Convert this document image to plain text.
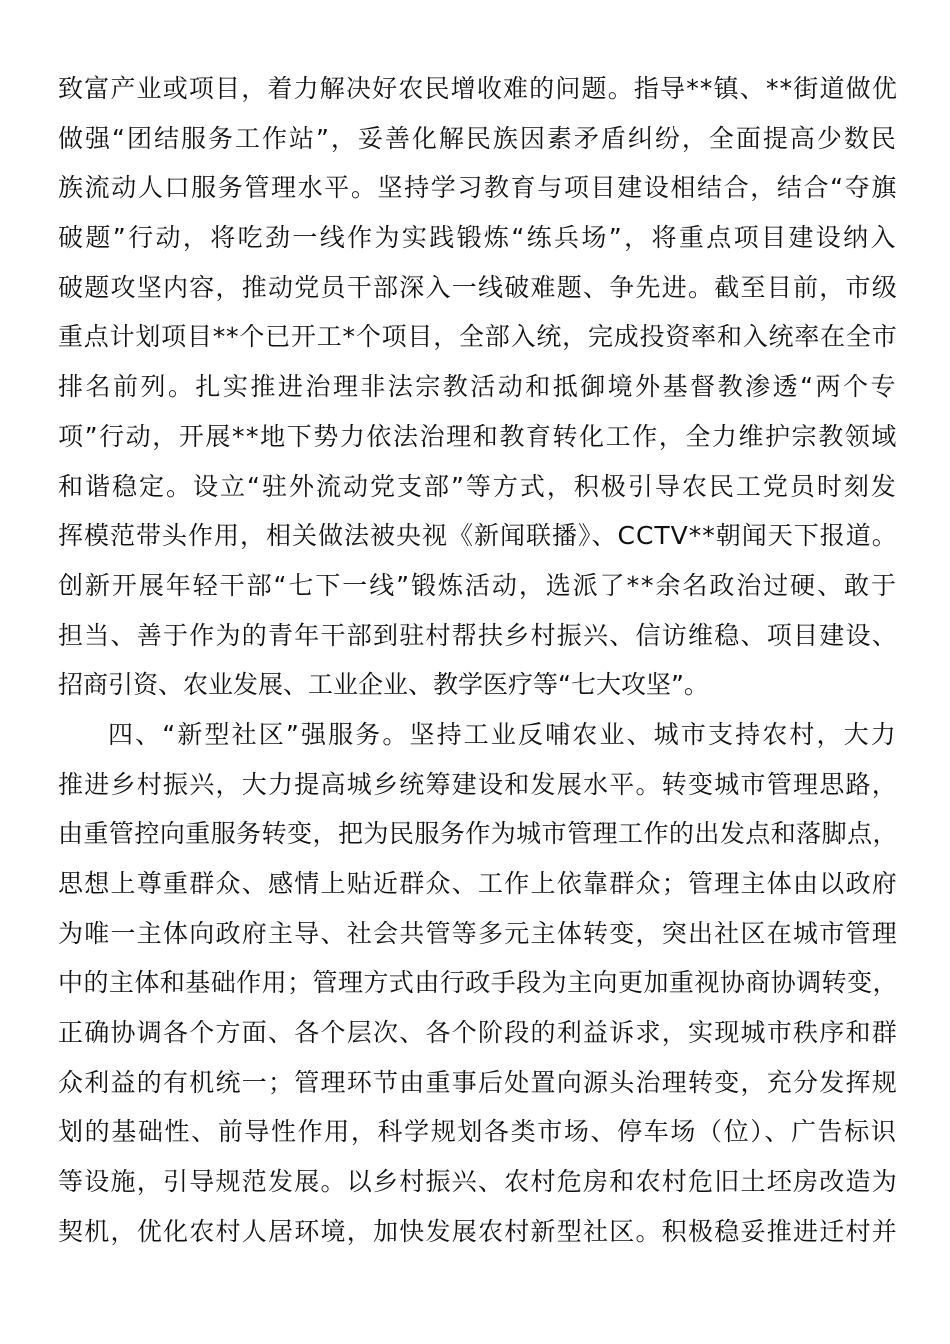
致富产业或项目，着力解决好农民增收难的问题。指导**镇、**街道做优
做强“团结服务工作站”，妥善化解民族因素矛盾纠纷，全面提高少数民
族流动人口服务管理水平。坚持学习教育与项目建设相结合，结合“夺旗
破题”行动，将吃劲一线作为实践锻炼“练兵场”，将重点项目建设纳入
破题攻坚内容，推动党员干部深入一线破难题、争先进。截至目前，市级
重点计划项目**个已开工*个项目，全部入统，完成投资率和入统率在全市
排名前列。扎实推进治理非法宗教活动和抵御境外基督教渗透“两个专
项”行动，开展**地下势力依法治理和教育转化工作，全力维护宗教领域
和谐稳定。设立“驻外流动党支部”等方式，积极引导农民工党员时刻发
挥模范带头作用，相关做法被央视《新闻联播》、CCTV**朝闻天下报道。
创新开展年轻干部“七下一线”锻炼活动，选派了**余名政治过硬、敢于
担当、善于作为的青年干部到驻村帮扶乡村振兴、信访维稳、项目建设、
招商引资、农业发展、工业企业、教学医疗等“七大攻坚”。
四、“新型社区”强服务。坚持工业反哺农业、城市支持农村，大力
推进乡村振兴，大力提高城乡统筹建设和发展水平。转变城市管理思路，
由重管控向重服务转变，把为民服务作为城市管理工作的出发点和落脚点，
思想上尊重群众、感情上贴近群众、工作上依靠群众；管理主体由以政府
为唯一主体向政府主导、社会共管等多元主体转变，突出社区在城市管理
中的主体和基础作用；管理方式由行政手段为主向更加重视协商协调转变，
正确协调各个方面、各个层次、各个阶段的利益诉求，实现城市秩序和群
众利益的有机统一；管理环节由重事后处置向源头治理转变，充分发挥规
划的基础性、前导性作用，科学规划各类市场、停车场（位）、广告标识
等设施，引导规范发展。以乡村振兴、农村危房和农村危旧土坯房改造为
契机，优化农村人居环境，加快发展农村新型社区。积极稳妥推进迁村并
